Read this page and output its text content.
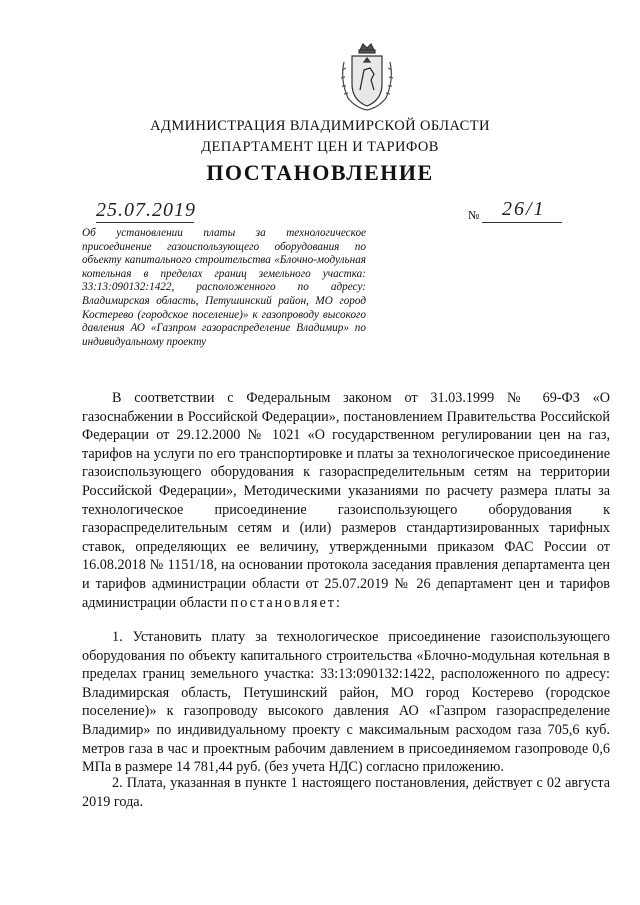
АДМИНИСТРАЦИЯ ВЛАДИМИРСКОЙ ОБЛАСТИ
ДЕПАРТАМЕНТ ЦЕН И ТАРИФОВ
ПОСТАНОВЛЕНИЕ
25.07.2019	№ 26/1
Об установлении платы за технологическое присоединение газоиспользующего оборудования по объекту капитального строительства «Блочно-модульная котельная в пределах границ земельного участка: 33:13:090132:1422, расположенного по адресу: Владимирская область, Петушинский район, МО город Костерево (городское поселение)» к газопроводу высокого давления АО «Газпром газораспределение Владимир» по индивидуальному проекту
В соответствии с Федеральным законом от 31.03.1999 № 69-ФЗ «О газоснабжении в Российской Федерации», постановлением Правительства Российской Федерации от 29.12.2000 № 1021 «О государственном регулировании цен на газ, тарифов на услуги по его транспортировке и платы за технологическое присоединение газоиспользующего оборудования к газораспределительным сетям на территории Российской Федерации», Методическими указаниями по расчету размера платы за технологическое присоединение газоиспользующего оборудования к газораспределительным сетям и (или) размеров стандартизированных тарифных ставок, определяющих ее величину, утвержденными приказом ФАС России от 16.08.2018 № 1151/18, на основании протокола заседания правления департамента цен и тарифов администрации области от 25.07.2019 № 26 департамент цен и тарифов администрации области постановляет:
1. Установить плату за технологическое присоединение газоиспользующего оборудования по объекту капитального строительства «Блочно-модульная котельная в пределах границ земельного участка: 33:13:090132:1422, расположенного по адресу: Владимирская область, Петушинский район, МО город Костерево (городское поселение)» к газопроводу высокого давления АО «Газпром газораспределение Владимир» по индивидуальному проекту с максимальным расходом газа 705,6 куб. метров газа в час и проектным рабочим давлением в присоединяемом газопроводе 0,6 МПа в размере 14 781,44 руб. (без учета НДС) согласно приложению.
2. Плата, указанная в пункте 1 настоящего постановления, действует с 02 августа 2019 года.
